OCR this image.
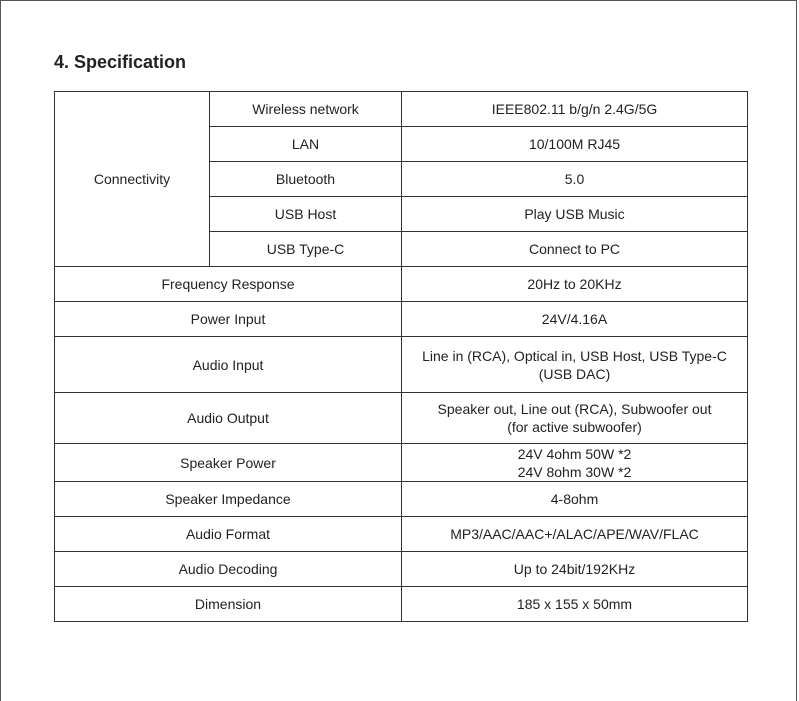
4. Specification
Connectivity	Wireless network	IEEE802.11 b/g/n 2.4G/5G
	LAN	10/100M RJ45
	Bluetooth	5.0
	USB Host	Play USB Music
	USB Type-C	Connect to PC
Frequency Response		20Hz to 20KHz
Power Input		24V/4.16A
Audio Input		Line in (RCA), Optical in, USB Host, USB Type-C
(USB DAC)

Audio Output		Speaker out, Line out (RCA), Subwoofer out
(for active subwoofer)

Speaker Power		24V 4ohm 50W *2
24V 8ohm 30W *2

Speaker Impedance		4-8ohm
Audio Format		MP3/AAC/AAC+/ALAC/APE/WAV/FLAC
Audio Decoding		Up to 24bit/192KHz
Dimension		185 x 155 x 50mm
